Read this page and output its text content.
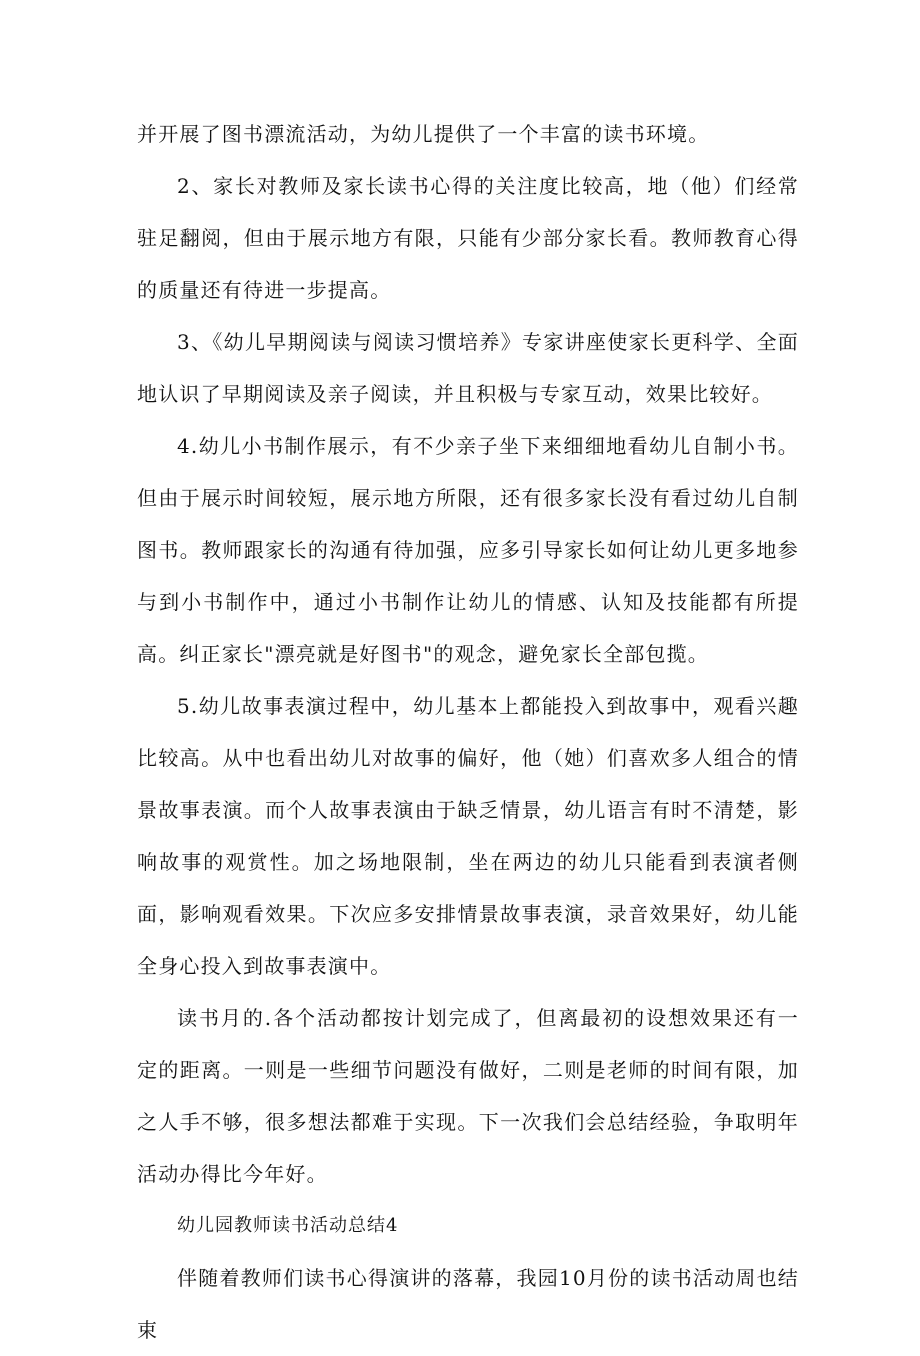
并开展了图书漂流活动，为幼儿提供了一个丰富的读书环境。

2、家长对教师及家长读书心得的关注度比较高，地（他）们经常驻足翻阅，但由于展示地方有限，只能有少部分家长看。教师教育心得的质量还有待进一步提高。

3、《幼儿早期阅读与阅读习惯培养》专家讲座使家长更科学、全面地认识了早期阅读及亲子阅读，并且积极与专家互动，效果比较好。

4.幼儿小书制作展示，有不少亲子坐下来细细地看幼儿自制小书。但由于展示时间较短，展示地方所限，还有很多家长没有看过幼儿自制图书。教师跟家长的沟通有待加强，应多引导家长如何让幼儿更多地参与到小书制作中，通过小书制作让幼儿的情感、认知及技能都有所提高。纠正家长"漂亮就是好图书"的观念，避免家长全部包揽。

5.幼儿故事表演过程中，幼儿基本上都能投入到故事中，观看兴趣比较高。从中也看出幼儿对故事的偏好，他（她）们喜欢多人组合的情景故事表演。而个人故事表演由于缺乏情景，幼儿语言有时不清楚，影响故事的观赏性。加之场地限制，坐在两边的幼儿只能看到表演者侧面，影响观看效果。下次应多安排情景故事表演，录音效果好，幼儿能全身心投入到故事表演中。

读书月的.各个活动都按计划完成了，但离最初的设想效果还有一定的距离。一则是一些细节问题没有做好，二则是老师的时间有限，加之人手不够，很多想法都难于实现。下一次我们会总结经验，争取明年活动办得比今年好。

幼儿园教师读书活动总结4

伴随着教师们读书心得演讲的落幕，我园10月份的读书活动周也结束
